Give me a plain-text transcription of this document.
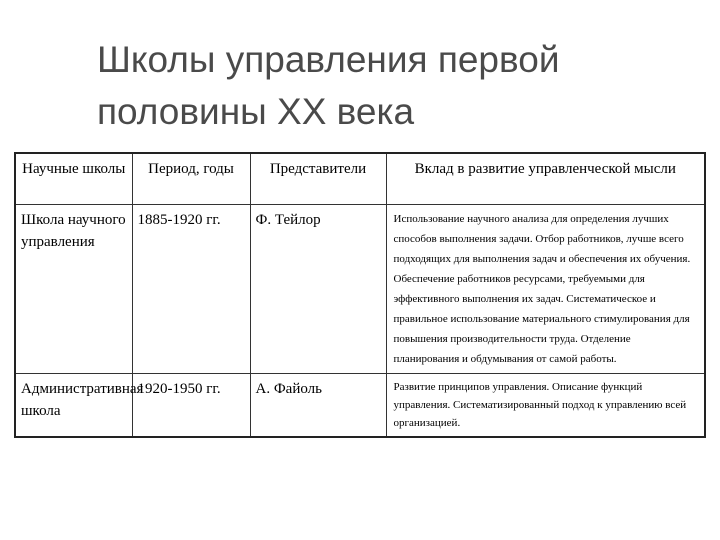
Школы управления первой половины XX века
Научные школы	Период, годы	Представители	Вклад в развитие управленческой мысли
Школа научного управления	1885-1920 гг.	Ф. Тейлор	Использование научного анализа для определения лучших способов выполнения задачи. Отбор работников, лучше всего подходящих для выполнения задач и обеспечения их обучения. Обеспечение работников ресурсами, требуемыми для эффективного выполнения их задач. Систематическое и правильное использование материального стимулирования для повышения производительности труда. Отделение планирования и обдумывания от самой работы.
Административная школа	1920-1950 гг.	А. Файоль	Развитие принципов управления. Описание функций управления. Систематизированный подход к управлению всей организацией.
